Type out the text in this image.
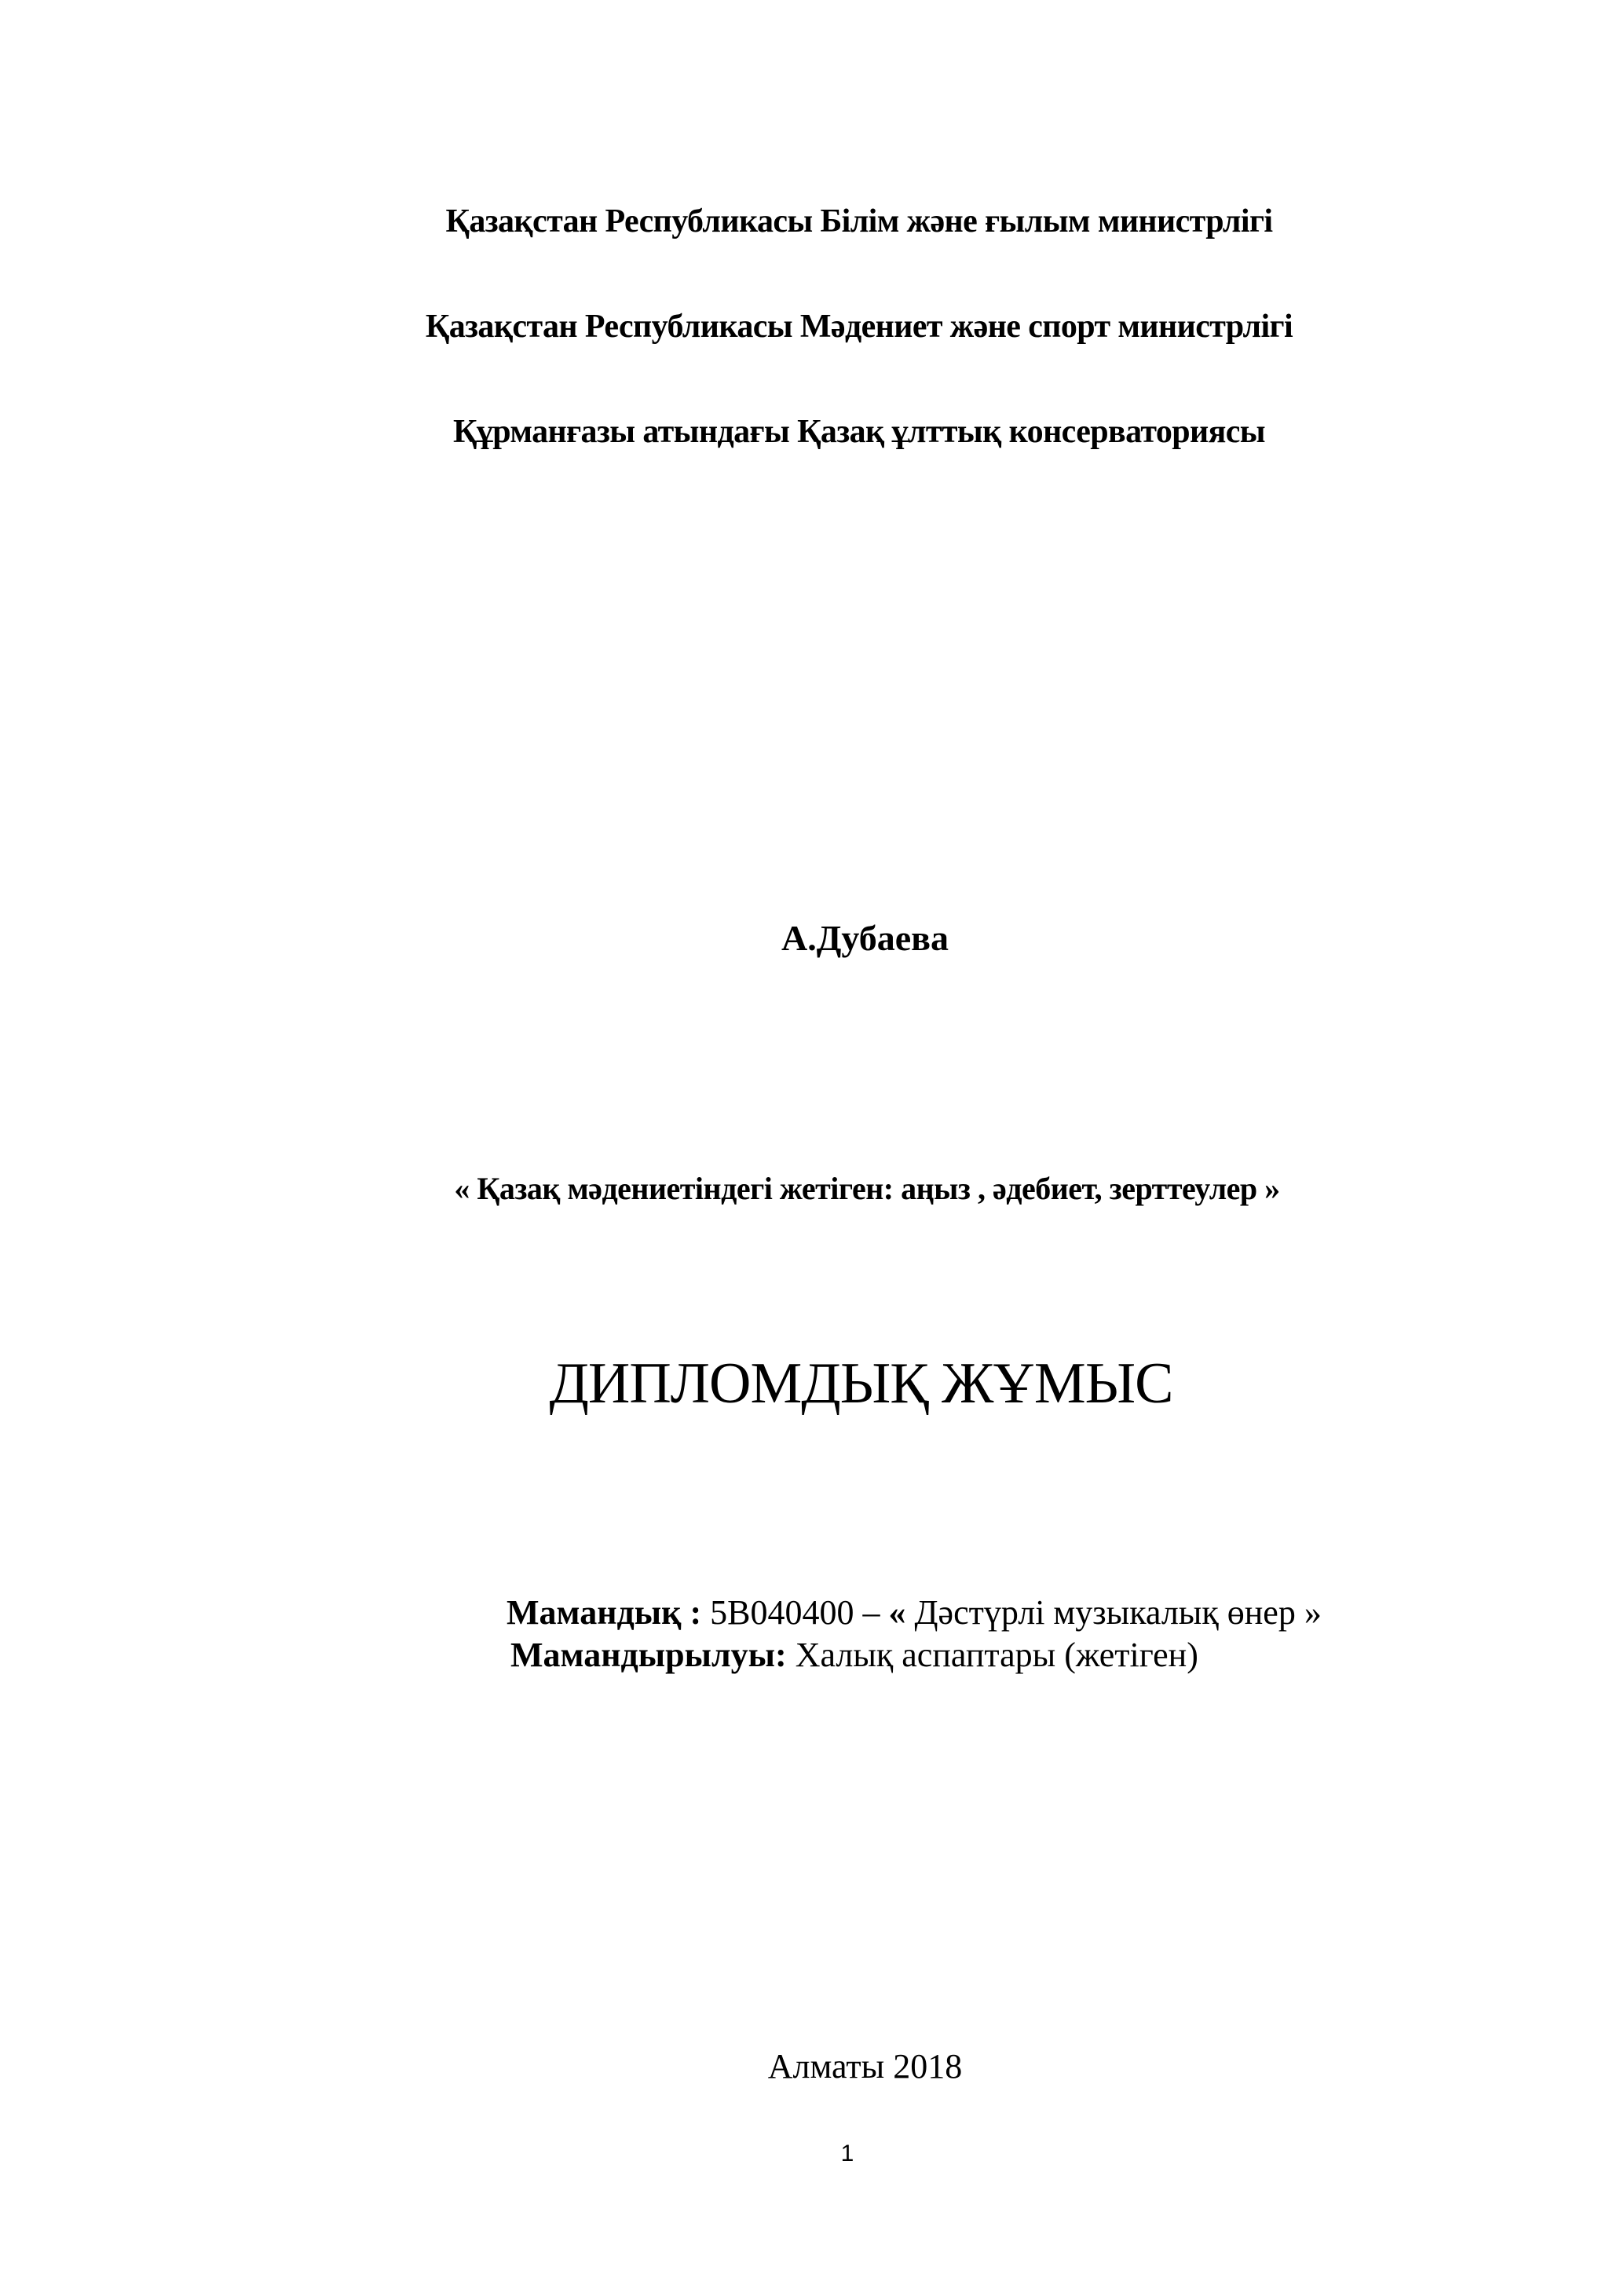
Қазақстан Республикасы Білім және ғылым министрлігі
Қазақстан Республикасы Мәдениет және спорт министрлігі
Құрманғазы атындағы Қазақ ұлттық консерваториясы
А.Дубаева
« Қазақ мәдениетіндегі жетіген: аңыз , әдебиет, зерттеулер »
ДИПЛОМДЫҚ ЖҰМЫС
Мамандық : 5В040400 – « Дәстүрлі музыкалық өнер »
Мамандырылуы: Халық аспаптары (жетіген)
Алматы 2018
1
